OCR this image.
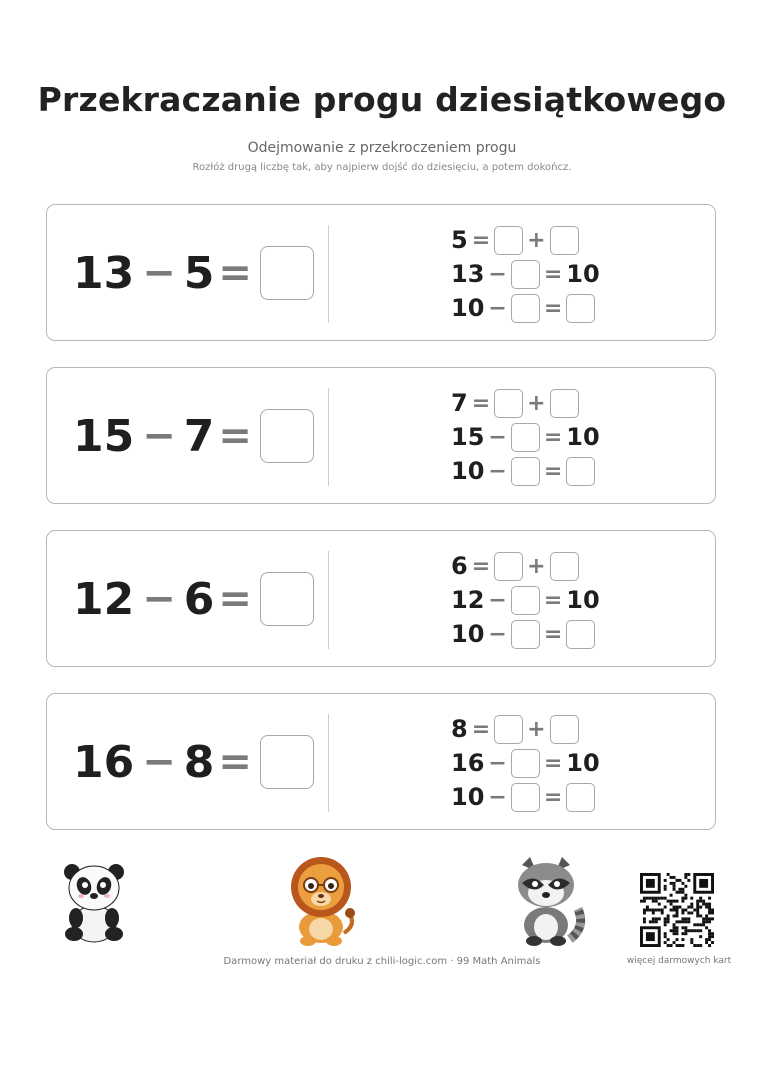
Przekraczanie progu dziesiątkowego
Odejmowanie z przekroczeniem progu
Rozłóż drugą liczbę tak, aby najpierw dojść do dziesięciu, a potem dokończ.
13 − 5 =
5 = +
13 − = 10
10 − =
15 − 7 =
7 = +
15 − = 10
10 − =
12 − 6 =
6 = +
12 − = 10
10 − =
16 − 8 =
8 = +
16 − = 10
10 − =
więcej darmowych kart
Darmowy materiał do druku z chili-logic.com · 99 Math Animals
